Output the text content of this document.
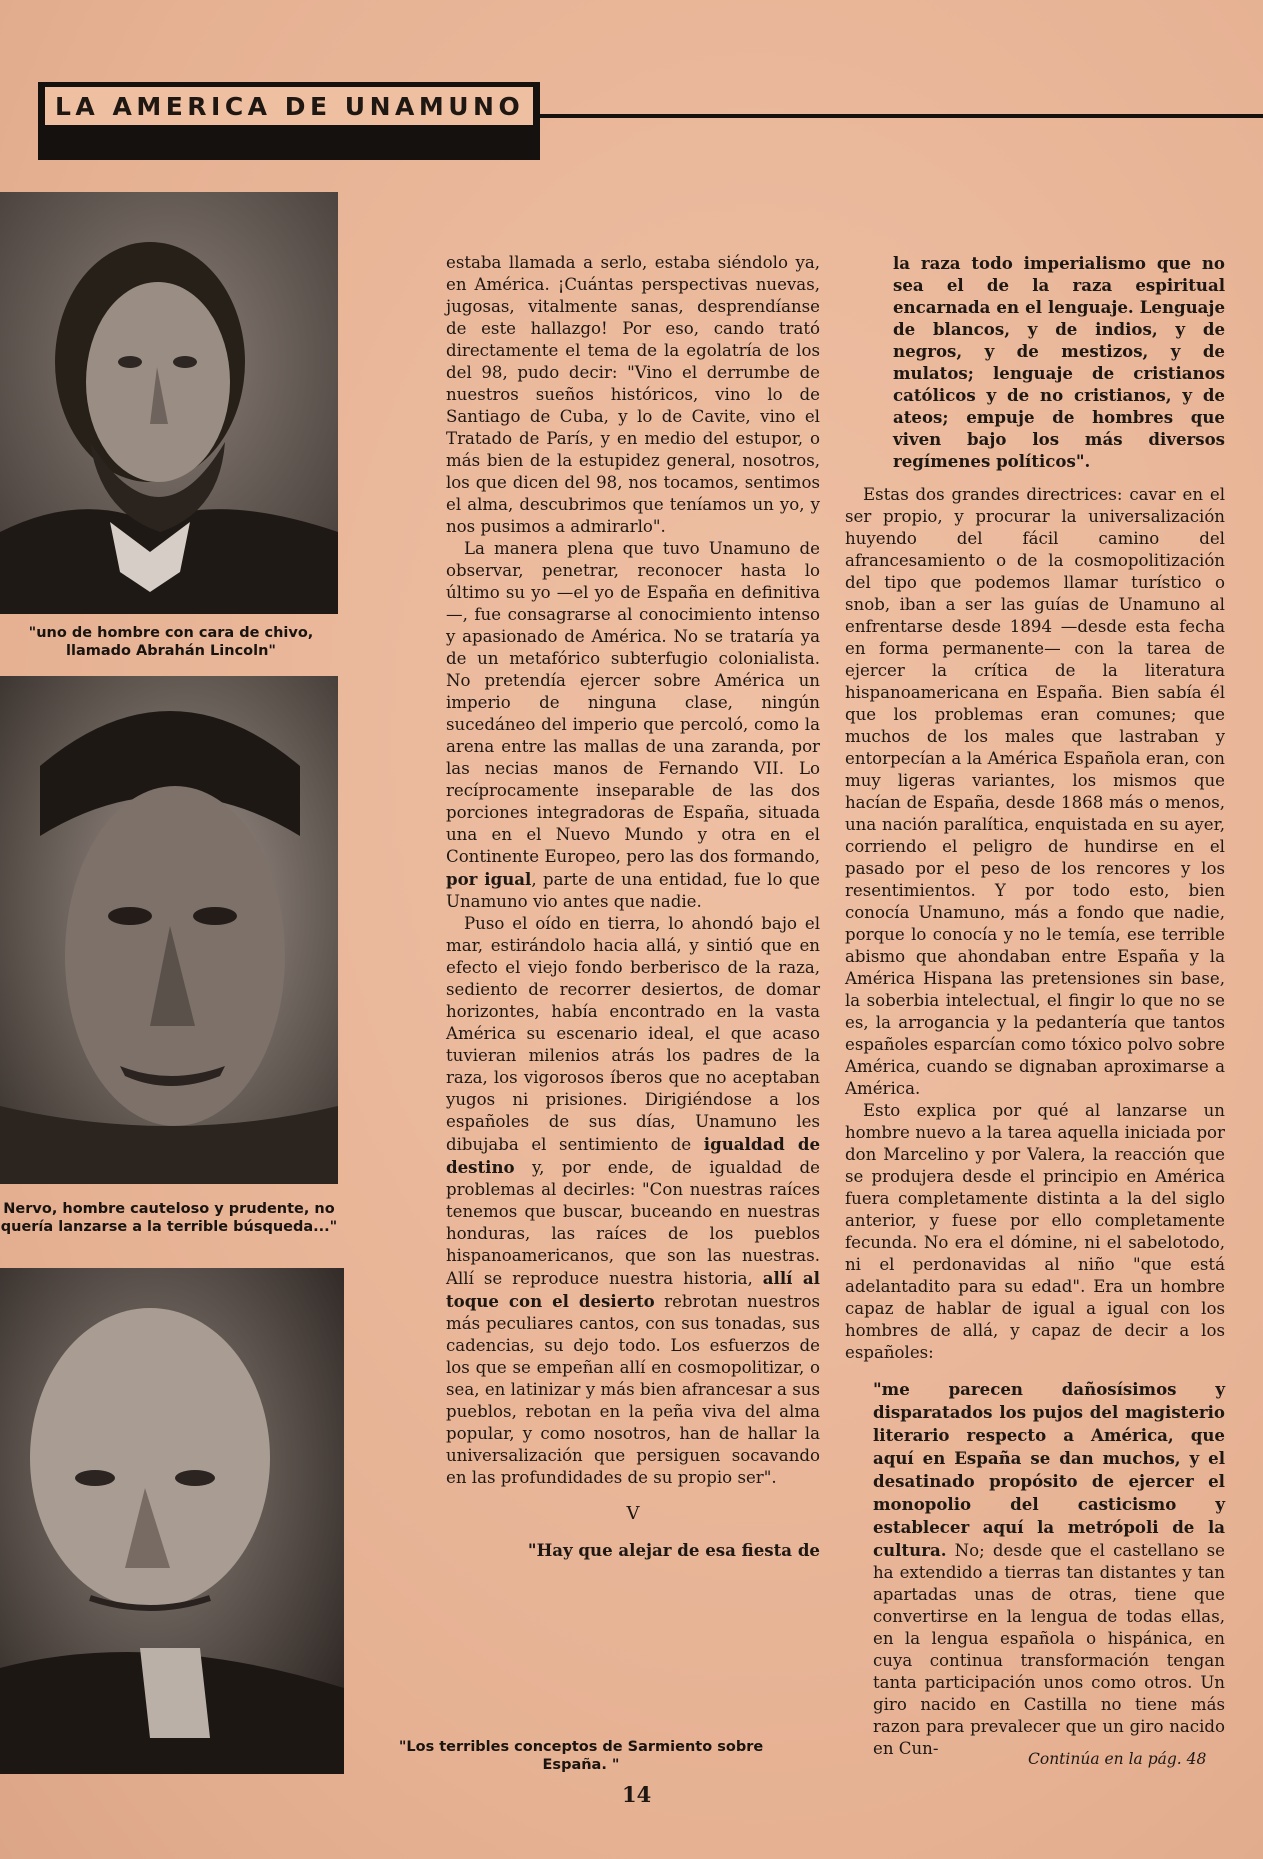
LA AMERICA DE UNAMUNO
"uno de hombre con cara de chivo, llamado Abrahán Lincoln"
Nervo, hombre cauteloso y prudente, no quería lanzarse a la terrible búsqueda..."
"Los terribles conceptos de Sarmiento sobre España. "

estaba llamada a serlo, estaba siéndolo ya, en América. ¡Cuántas perspectivas nuevas, jugosas, vitalmente sanas, desprendíanse de este hallazgo! Por eso, cando trató directamente el tema de la egolatría de los del 98, pudo decir: "Vino el derrumbe de nuestros sueños históricos, vino lo de Santiago de Cuba, y lo de Cavite, vino el Tratado de París, y en medio del estupor, o más bien de la estupidez general, nosotros, los que dicen del 98, nos tocamos, sentimos el alma, descubrimos que teníamos un yo, y nos pusimos a admirarlo".

La manera plena que tuvo Unamuno de observar, penetrar, reconocer hasta lo último su yo —el yo de España en definitiva—, fue consagrarse al conocimiento intenso y apasionado de América. No se trataría ya de un metafórico subterfugio colonialista. No pretendía ejercer sobre América un imperio de ninguna clase, ningún sucedáneo del imperio que percoló, como la arena entre las mallas de una zaranda, por las necias manos de Fernando VII. Lo recíprocamente inseparable de las dos porciones integradoras de España, situada una en el Nuevo Mundo y otra en el Continente Europeo, pero las dos formando, por igual, parte de una entidad, fue lo que Unamuno vio antes que nadie.

Puso el oído en tierra, lo ahondó bajo el mar, estirándolo hacia allá, y sintió que en efecto el viejo fondo berberisco de la raza, sediento de recorrer desiertos, de domar horizontes, había encontrado en la vasta América su escenario ideal, el que acaso tuvieran milenios atrás los padres de la raza, los vigorosos íberos que no aceptaban yugos ni prisiones. Dirigiéndose a los españoles de sus días, Unamuno les dibujaba el sentimiento de igualdad de destino y, por ende, de igualdad de problemas al decirles: "Con nuestras raíces tenemos que buscar, buceando en nuestras honduras, las raíces de los pueblos hispanoamericanos, que son las nuestras. Allí se reproduce nuestra historia, allí al toque con el desierto rebrotan nuestros más peculiares cantos, con sus tonadas, sus cadencias, su dejo todo. Los esfuerzos de los que se empeñan allí en cosmopolitizar, o sea, en latinizar y más bien afrancesar a sus pueblos, rebotan en la peña viva del alma popular, y como nosotros, han de hallar la universalización que persiguen socavando en las profundidades de su propio ser".

V
"Hay que alejar de esa fiesta de

la raza todo imperialismo que no sea el de la raza espiritual encarnada en el lenguaje. Lenguaje de blancos, y de indios, y de negros, y de mestizos, y de mulatos; lenguaje de cristianos católicos y de no cristianos, y de ateos; empuje de hombres que viven bajo los más diversos regímenes políticos".

Estas dos grandes directrices: cavar en el ser propio, y procurar la universalización huyendo del fácil camino del afrancesamiento o de la cosmopolitización del tipo que podemos llamar turístico o snob, iban a ser las guías de Unamuno al enfrentarse desde 1894 —desde esta fecha en forma permanente— con la tarea de ejercer la crítica de la literatura hispanoamericana en España. Bien sabía él que los problemas eran comunes; que muchos de los males que lastraban y entorpecían a la América Española eran, con muy ligeras variantes, los mismos que hacían de España, desde 1868 más o menos, una nación paralítica, enquistada en su ayer, corriendo el peligro de hundirse en el pasado por el peso de los rencores y los resentimientos. Y por todo esto, bien conocía Unamuno, más a fondo que nadie, porque lo conocía y no le temía, ese terrible abismo que ahondaban entre España y la América Hispana las pretensiones sin base, la soberbia intelectual, el fingir lo que no se es, la arrogancia y la pedantería que tantos españoles esparcían como tóxico polvo sobre América, cuando se dignaban aproximarse a América.

Esto explica por qué al lanzarse un hombre nuevo a la tarea aquella iniciada por don Marcelino y por Valera, la reacción que se produjera desde el principio en América fuera completamente distinta a la del siglo anterior, y fuese por ello completamente fecunda. No era el dómine, ni el sabelotodo, ni el perdonavidas al niño "que está adelantadito para su edad". Era un hombre capaz de hablar de igual a igual con los hombres de allá, y capaz de decir a los españoles:

"me parecen dañosísimos y disparatados los pujos del magisterio literario respecto a América, que aquí en España se dan muchos, y el desatinado propósito de ejercer el monopolio del casticismo y establecer aquí la metrópoli de la cultura. No; desde que el castellano se ha extendido a tierras tan distantes y tan apartadas unas de otras, tiene que convertirse en la lengua de todas ellas, en la lengua española o hispánica, en cuya continua transformación tengan tanta participación unos como otros. Un giro nacido en Castilla no tiene más razon para prevalecer que un giro nacido en Cun-

Continúa en la pág. 48
14
